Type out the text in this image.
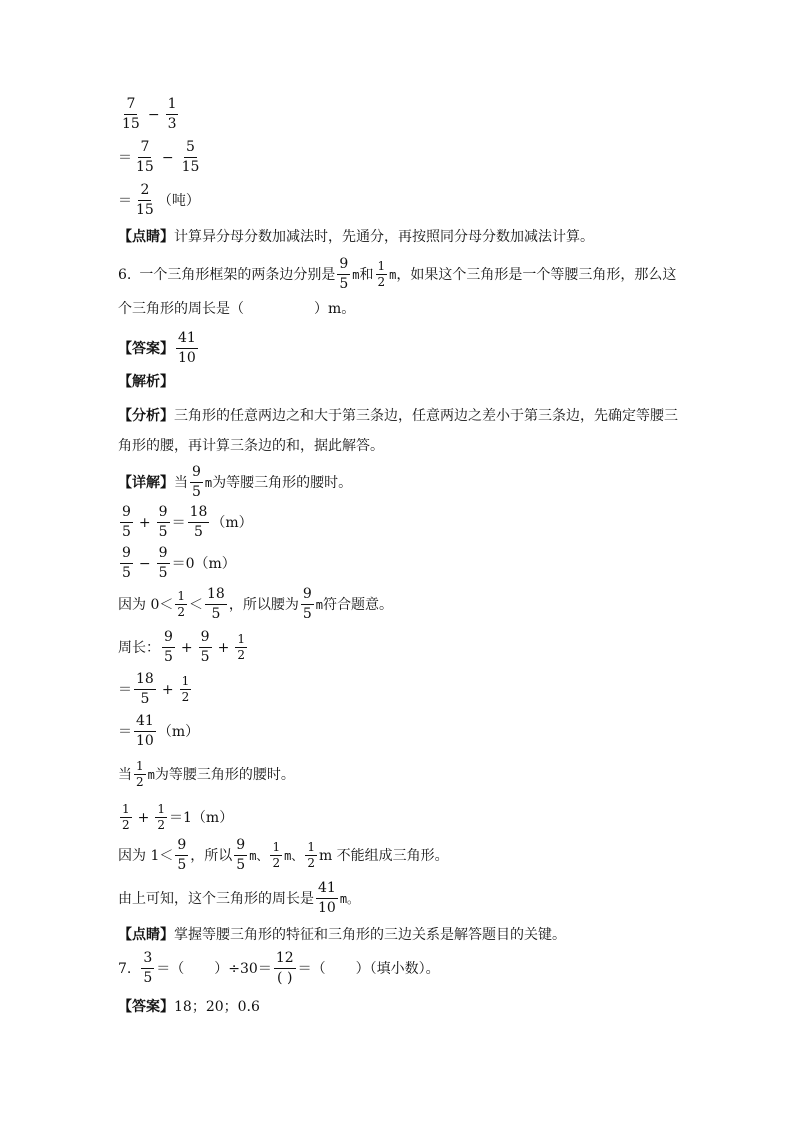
$\frac{7}{15} - \frac{1}{3}$
＝ $\frac{7}{15} - \frac{5}{15}$
＝ $\frac{2}{15}$ （吨）
【点睛】 计算异分母分数加减法时，先通分，再按照同分母分数加减法计算。
6. 一个三角形框架的两条边分别是 $\frac{9}{5}$ m 和 $\frac{1}{2}$ m ，如果这个三角形是一个等腰三角形，那么这
个三角形的周长是（	）m。
【答案】 $\frac{41}{10}$
【解析】
【分析】 三角形的任意两边之和大于第三条边，任意两边之差小于第三条边，先确定等腰三
角形的腰，再计算三条边的和，据此解答。
【详解】 当 $\frac{9}{5}$ m 为等腰三角形的腰时。
$\frac{9}{5} + \frac{9}{5} = \frac{18}{5} (m)$
$\frac{9}{5} - \frac{9}{5} =0(m)$
因为 $0< \frac{1}{2} < \frac{18}{5}$ ，所以腰为 $\frac{9}{5}$ m 符合题意。
周长： $\frac{9}{5} + \frac{9}{5} + \frac{1}{2}$
＝ $\frac{18}{5} + \frac{1}{2}$
＝ $\frac{41}{10} (m)$
当 $\frac{1}{2}$ m 为等腰三角形的腰时。
$\frac{1}{2} + \frac{1}{2} =1(m)$
因为 $1< \frac{9}{5}$ ，所以 $\frac{9}{5}$ m、 $\frac{1}{2}$ m、 $\frac{1}{2}$ m 不能组成三角形。
由上可知，这个三角形的周长是 $\frac{41}{10}$ m。
【点睛】 掌握等腰三角形的特征和三角形的三边关系是解答题目的关键。
7. $\frac{3}{5}$ ＝（ ）$\div 30= \frac{12}{( )}$ ＝（ ）（填小数）。
【答案】 18；20；0.6
